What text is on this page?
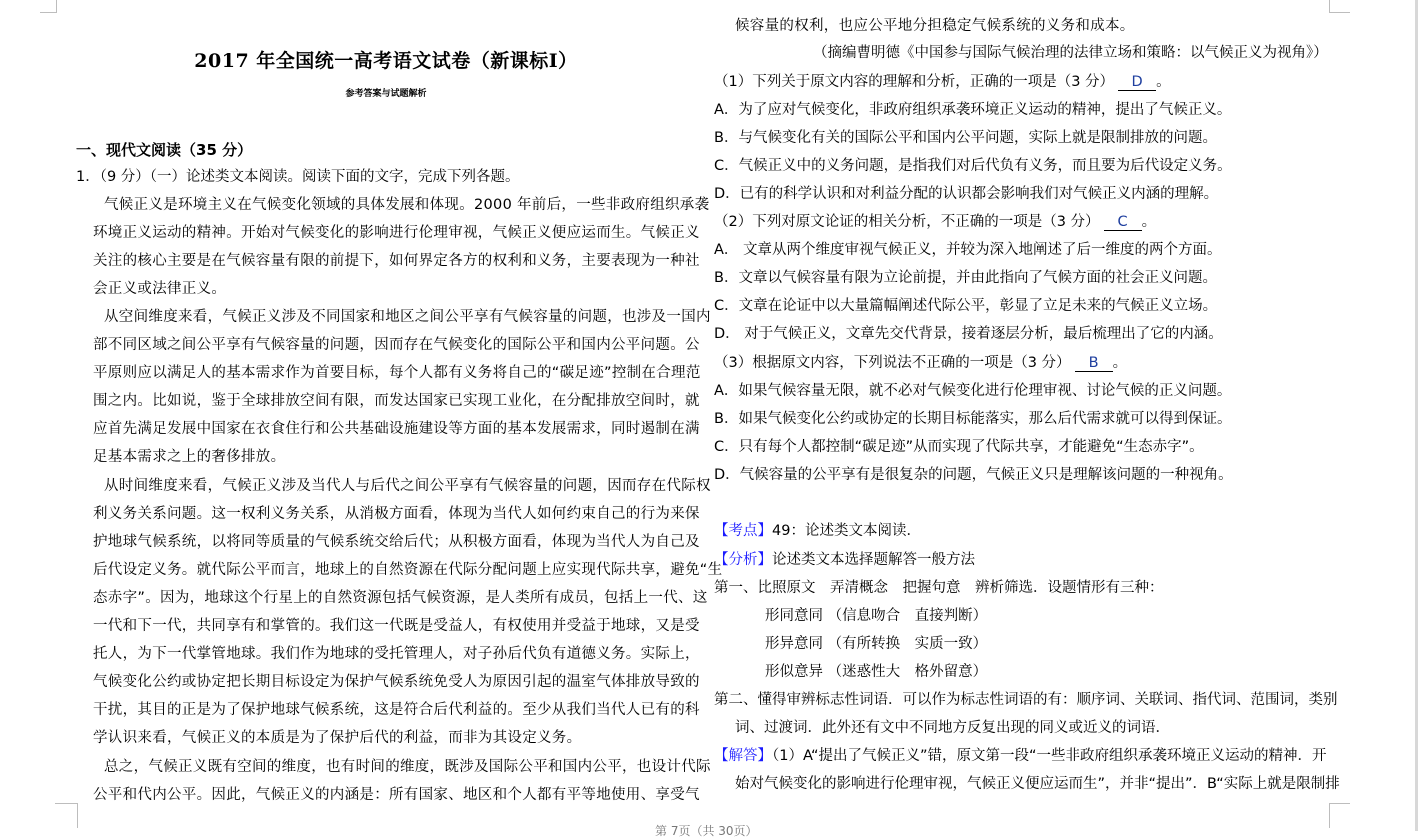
2017 年全国统一高考语文试卷（新课标Ⅰ）
参考答案与试题解析
一、现代文阅读（35 分）
1．（9 分）（一）论述类文本阅读。阅读下面的文字，完成下列各题。
气候正义是环境主义在气候变化领域的具体发展和体现。2000 年前后，一些非政府组织承袭
环境正义运动的精神。开始对气候变化的影响进行伦理审视，气候正义便应运而生。气候正义
关注的核心主要是在气候容量有限的前提下，如何界定各方的权利和义务，主要表现为一种社
会正义或法律正义。
从空间维度来看，气候正义涉及不同国家和地区之间公平享有气候容量的问题，也涉及一国内
部不同区域之间公平享有气候容量的问题，因而存在气候变化的国际公平和国内公平问题。公
平原则应以满足人的基本需求作为首要目标，每个人都有义务将自己的“碳足迹”控制在合理范
围之内。比如说，鉴于全球排放空间有限，而发达国家已实现工业化，在分配排放空间时，就
应首先满足发展中国家在衣食住行和公共基础设施建设等方面的基本发展需求，同时遏制在满
足基本需求之上的奢侈排放。
从时间维度来看，气候正义涉及当代人与后代之间公平享有气候容量的问题，因而存在代际权
利义务关系问题。这一权利义务关系，从消极方面看，体现为当代人如何约束自己的行为来保
护地球气候系统，以将同等质量的气候系统交给后代；从积极方面看，体现为当代人为自己及
后代设定义务。就代际公平而言，地球上的自然资源在代际分配问题上应实现代际共享，避免“生
态赤字”。因为，地球这个行星上的自然资源包括气候资源，是人类所有成员，包括上一代、这
一代和下一代，共同享有和掌管的。我们这一代既是受益人，有权使用并受益于地球，又是受
托人，为下一代掌管地球。我们作为地球的受托管理人，对子孙后代负有道德义务。实际上，
气候变化公约或协定把长期目标设定为保护气候系统免受人为原因引起的温室气体排放导致的
干扰，其目的正是为了保护地球气候系统，这是符合后代利益的。至少从我们当代人已有的科
学认识来看，气候正义的本质是为了保护后代的利益，而非为其设定义务。
总之，气候正义既有空间的维度，也有时间的维度，既涉及国际公平和国内公平，也设计代际
公平和代内公平。因此，气候正义的内涵是：所有国家、地区和个人都有平等地使用、享受气
候容量的权利，也应公平地分担稳定气候系统的义务和成本。
（摘编曹明德《中国参与国际气候治理的法律立场和策略：以气候正义为视角》）
（1）下列关于原文内容的理解和分析，正确的一项是（3 分） D 。
A．为了应对气候变化，非政府组织承袭环境正义运动的精神，提出了气候正义。
B．与气候变化有关的国际公平和国内公平问题，实际上就是限制排放的问题。
C．气候正义中的义务问题，是指我们对后代负有义务，而且要为后代设定义务。
D．已有的科学认识和对利益分配的认识都会影响我们对气候正义内涵的理解。
（2）下列对原文论证的相关分析，不正确的一项是（3 分） C 。
A． 文章从两个维度审视气候正义，并较为深入地阐述了后一维度的两个方面。
B．文章以气候容量有限为立论前提，并由此指向了气候方面的社会正义问题。
C．文章在论证中以大量篇幅阐述代际公平，彰显了立足未来的气候正义立场。
D． 对于气候正义，文章先交代背景，接着逐层分析，最后梳理出了它的内涵。
（3）根据原文内容，下列说法不正确的一项是（3 分） B 。
A．如果气候容量无限，就不必对气候变化进行伦理审视、讨论气候的正义问题。
B．如果气候变化公约或协定的长期目标能落实，那么后代需求就可以得到保证。
C．只有每个人都控制“碳足迹”从而实现了代际共享，才能避免“生态赤字”。
D．气候容量的公平享有是很复杂的问题，气候正义只是理解该问题的一种视角。
【考点】49：论述类文本阅读．
【分析】论述类文本选择题解答一般方法
第一、比照原文　弄清概念　把握句意　辨析筛选．设题情形有三种：
形同意同 （信息吻合　直接判断）
形异意同 （有所转换　实质一致）
形似意异 （迷惑性大　格外留意）
第二、懂得审辨标志性词语．可以作为标志性词语的有：顺序词、关联词、指代词、范围词，类别
词、过渡词．此外还有文中不同地方反复出现的同义或近义的词语．
【解答】（1）A“提出了气候正义”错，原文第一段“一些非政府组织承袭环境正义运动的精神．开
始对气候变化的影响进行伦理审视，气候正义便应运而生”，并非“提出”．B“实际上就是限制排
第 7页（共 30页）
